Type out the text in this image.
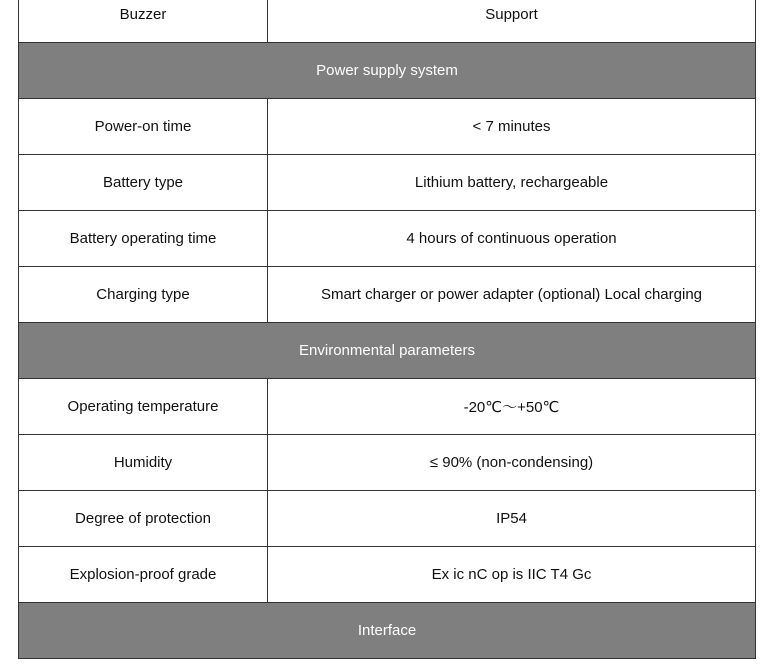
Buzzer	Support
Power supply system	
Power-on time	< 7 minutes
Battery type	Lithium battery, rechargeable
Battery operating time	4 hours of continuous operation
Charging type	Smart charger or power adapter (optional) Local charging
Environmental parameters	
Operating temperature	-20℃～+50℃
Humidity	≤ 90% (non-condensing)
Degree of protection	IP54
Explosion-proof grade	Ex ic nC op is IIC T4 Gc
Interface	
